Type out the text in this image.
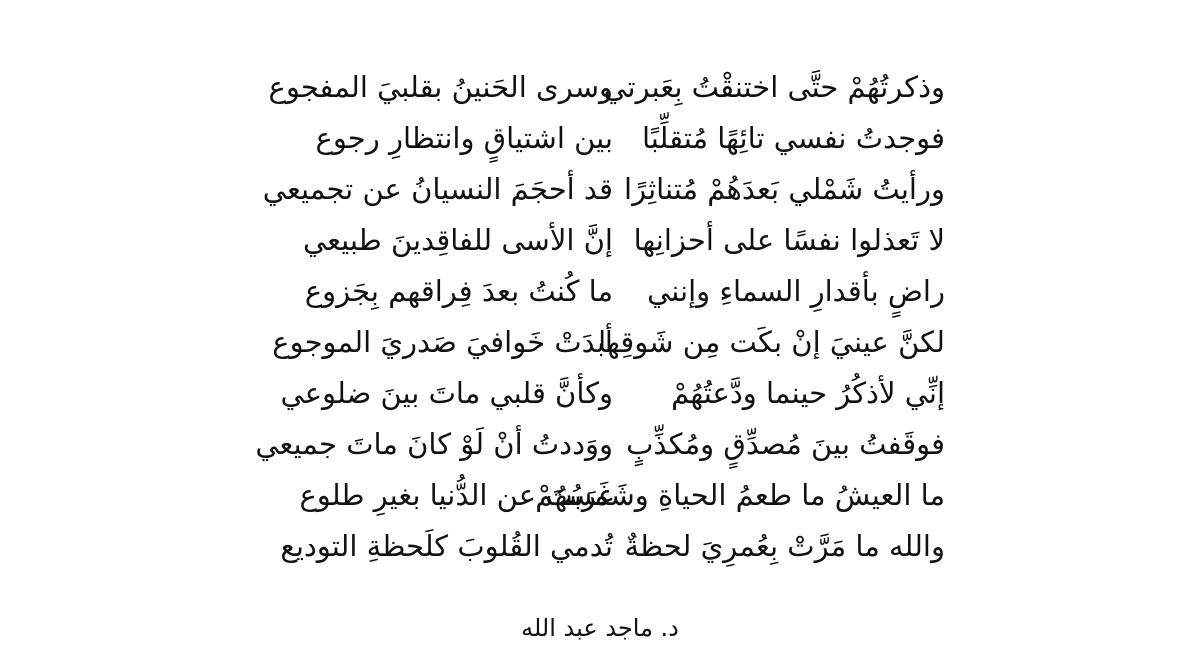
وذكرتُهُمْ حتَّى اختنقْتُ بِعَبرتي
وسرى الحَنينُ بقلبيَ المفجوع
فوجدتُ نفسي تائِهًا مُتقلِّبًا
بين اشتياقٍ وانتظارِ رجوع
ورأيتُ شَمْلي بَعدَهُمْ مُتناثِرًا
قد أحجَمَ النسيانُ عن تجميعي
لا تَعذلوا نفسًا على أحزانِها
إنَّ الأسى للفاقِدينَ طبيعي
راضٍ بأقدارِ السماءِ وإنني
ما كُنتُ بعدَ فِراقهم بِجَزوع
لكنَّ عينيَ إنْ بكَت مِن شَوقِها
أبدَتْ خَوافيَ صَدريَ الموجوع
إنِّي لأذكُرُ حينما ودَّعتُهُمْ
وكأنَّ قلبي ماتَ بينَ ضلوعي
فوقَفتُ بينَ مُصدِّقٍ ومُكذِّبٍ
ووَددتُ أنْ لَوْ كانَ ماتَ جميعي
ما العيشُ ما طعمُ الحياةِ وشَمسُهُمْ
غَرَبتَ عن الدُّنيا بغيرِ طلوع
والله ما مَرَّتْ بِعُمرِيَ لحظةٌ
تُدمي القُلوبَ كلَحظةِ التوديع
د. ماجد عبد الله
